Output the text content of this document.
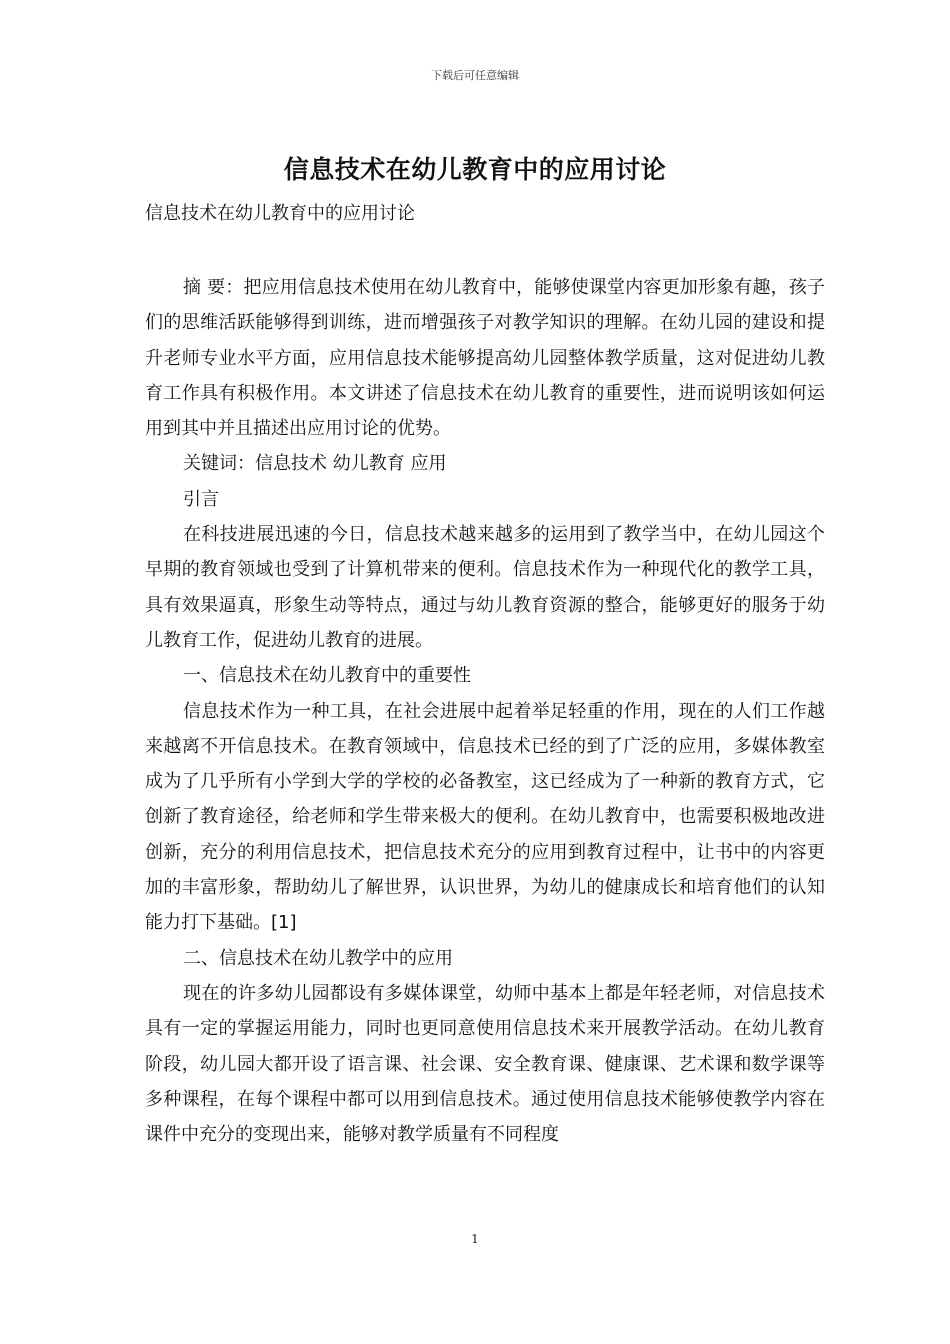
下载后可任意编辑
信息技术在幼儿教育中的应用讨论
信息技术在幼儿教育中的应用讨论

摘 要：把应用信息技术使用在幼儿教育中，能够使课堂内容更加形象有趣，孩子们的思维活跃能够得到训练，进而增强孩子对教学知识的理解。在幼儿园的建设和提升老师专业水平方面，应用信息技术能够提高幼儿园整体教学质量，这对促进幼儿教育工作具有积极作用。本文讲述了信息技术在幼儿教育的重要性，进而说明该如何运用到其中并且描述出应用讨论的优势。

关键词：信息技术 幼儿教育 应用

引言

在科技进展迅速的今日，信息技术越来越多的运用到了教学当中，在幼儿园这个早期的教育领域也受到了计算机带来的便利。信息技术作为一种现代化的教学工具，具有效果逼真，形象生动等特点，通过与幼儿教育资源的整合，能够更好的服务于幼儿教育工作，促进幼儿教育的进展。

一、信息技术在幼儿教育中的重要性

信息技术作为一种工具，在社会进展中起着举足轻重的作用，现在的人们工作越来越离不开信息技术。在教育领域中，信息技术已经的到了广泛的应用，多媒体教室成为了几乎所有小学到大学的学校的必备教室，这已经成为了一种新的教育方式，它创新了教育途径，给老师和学生带来极大的便利。在幼儿教育中，也需要积极地改进创新，充分的利用信息技术，把信息技术充分的应用到教育过程中，让书中的内容更加的丰富形象，帮助幼儿了解世界，认识世界，为幼儿的健康成长和培育他们的认知能力打下基础。[1]

二、信息技术在幼儿教学中的应用

现在的许多幼儿园都设有多媒体课堂，幼师中基本上都是年轻老师，对信息技术具有一定的掌握运用能力，同时也更同意使用信息技术来开展教学活动。在幼儿教育阶段，幼儿园大都开设了语言课、社会课、安全教育课、健康课、艺术课和数学课等多种课程，在每个课程中都可以用到信息技术。通过使用信息技术能够使教学内容在课件中充分的变现出来，能够对教学质量有不同程度

1
